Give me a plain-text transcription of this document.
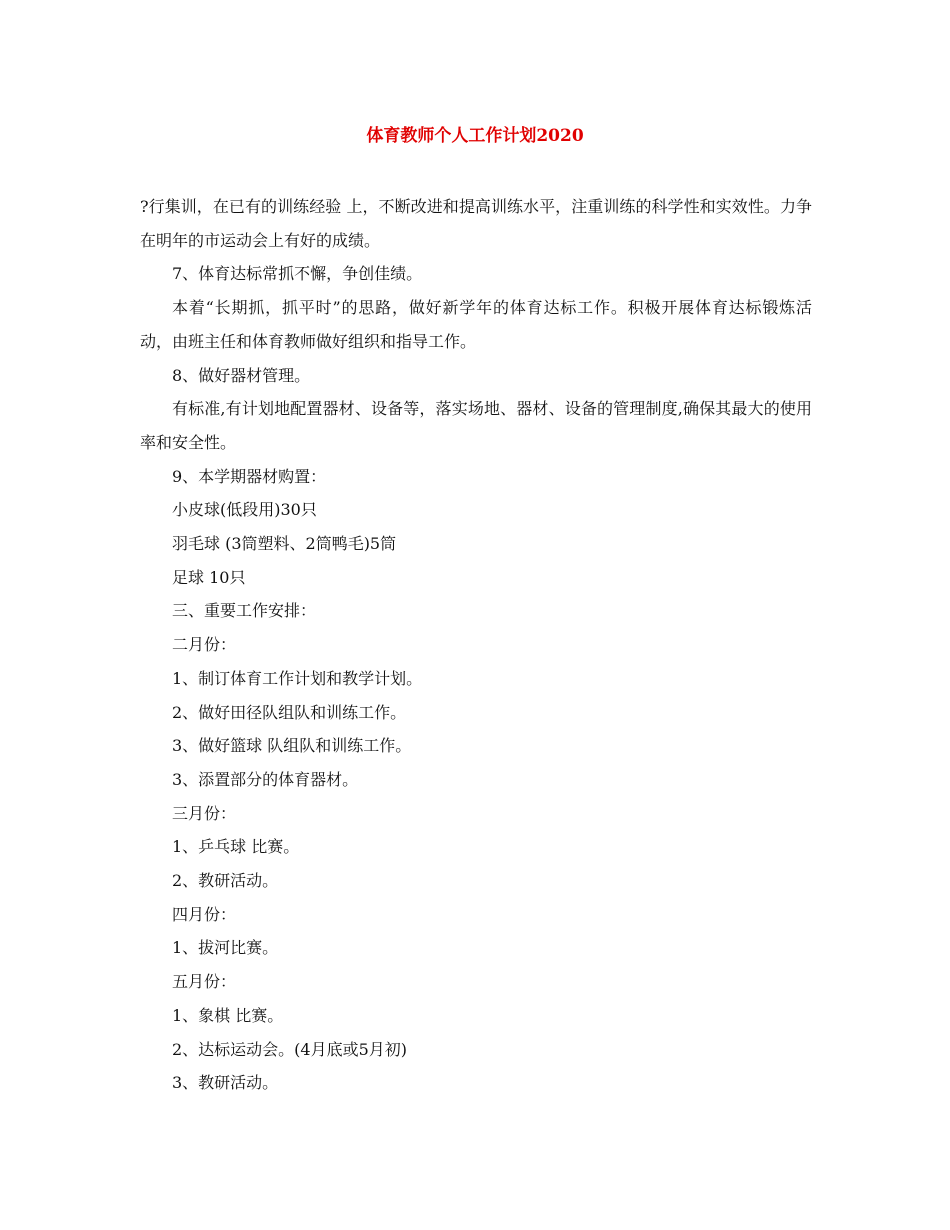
体育教师个人工作计划2020

?行集训，在已有的训练经验 上，不断改进和提高训练水平，注重训练的科学性和实效性。力争在明年的市运动会上有好的成绩。

7、体育达标常抓不懈，争创佳绩。

本着“长期抓，抓平时”的思路，做好新学年的体育达标工作。积极开展体育达标锻炼活动，由班主任和体育教师做好组织和指导工作。

8、做好器材管理。

有标准,有计划地配置器材、设备等，落实场地、器材、设备的管理制度,确保其最大的使用率和安全性。

9、本学期器材购置：

小皮球(低段用)30只

羽毛球 (3筒塑料、2筒鸭毛)5筒

足球 10只

三、重要工作安排：

二月份：

1、制订体育工作计划和教学计划。

2、做好田径队组队和训练工作。

3、做好篮球 队组队和训练工作。

3、添置部分的体育器材。

三月份：

1、乒乓球 比赛。

2、教研活动。

四月份：

1、拔河比赛。

五月份：

1、象棋 比赛。

2、达标运动会。(4月底或5月初)

3、教研活动。
